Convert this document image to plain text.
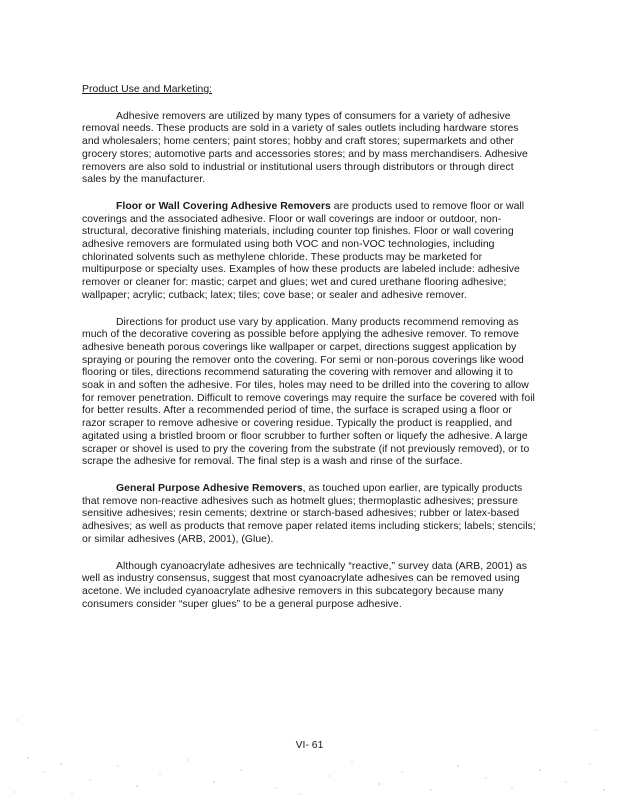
Product Use and Marketing:

Adhesive removers are utilized by many types of consumers for a variety of adhesive removal needs. These products are sold in a variety of sales outlets including hardware stores and wholesalers; home centers; paint stores; hobby and craft stores; supermarkets and other grocery stores; automotive parts and accessories stores; and by mass merchandisers. Adhesive removers are also sold to industrial or institutional users through distributors or through direct sales by the manufacturer.

Floor or Wall Covering Adhesive Removers are products used to remove floor or wall coverings and the associated adhesive. Floor or wall coverings are indoor or outdoor, non-structural, decorative finishing materials, including counter top finishes. Floor or wall covering adhesive removers are formulated using both VOC and non-VOC technologies, including chlorinated solvents such as methylene chloride. These products may be marketed for multipurpose or specialty uses. Examples of how these products are labeled include: adhesive remover or cleaner for: mastic; carpet and glues; wet and cured urethane flooring adhesive; wallpaper; acrylic; cutback; latex; tiles; cove base; or sealer and adhesive remover.

Directions for product use vary by application. Many products recommend removing as much of the decorative covering as possible before applying the adhesive remover. To remove adhesive beneath porous coverings like wallpaper or carpet, directions suggest application by spraying or pouring the remover onto the covering. For semi or non-porous coverings like wood flooring or tiles, directions recommend saturating the covering with remover and allowing it to soak in and soften the adhesive. For tiles, holes may need to be drilled into the covering to allow for remover penetration. Difficult to remove coverings may require the surface be covered with foil for better results. After a recommended period of time, the surface is scraped using a floor or razor scraper to remove adhesive or covering residue. Typically the product is reapplied, and agitated using a bristled broom or floor scrubber to further soften or liquefy the adhesive. A large scraper or shovel is used to pry the covering from the substrate (if not previously removed), or to scrape the adhesive for removal. The final step is a wash and rinse of the surface.

General Purpose Adhesive Removers, as touched upon earlier, are typically products that remove non-reactive adhesives such as hotmelt glues; thermoplastic adhesives; pressure sensitive adhesives; resin cements; dextrine or starch-based adhesives; rubber or latex-based adhesives; as well as products that remove paper related items including stickers; labels; stencils; or similar adhesives (ARB, 2001), (Glue).

Although cyanoacrylate adhesives are technically “reactive,” survey data (ARB, 2001) as well as industry consensus, suggest that most cyanoacrylate adhesives can be removed using acetone. We included cyanoacrylate adhesive removers in this subcategory because many consumers consider “super glues” to be a general purpose adhesive.

VI- 61
